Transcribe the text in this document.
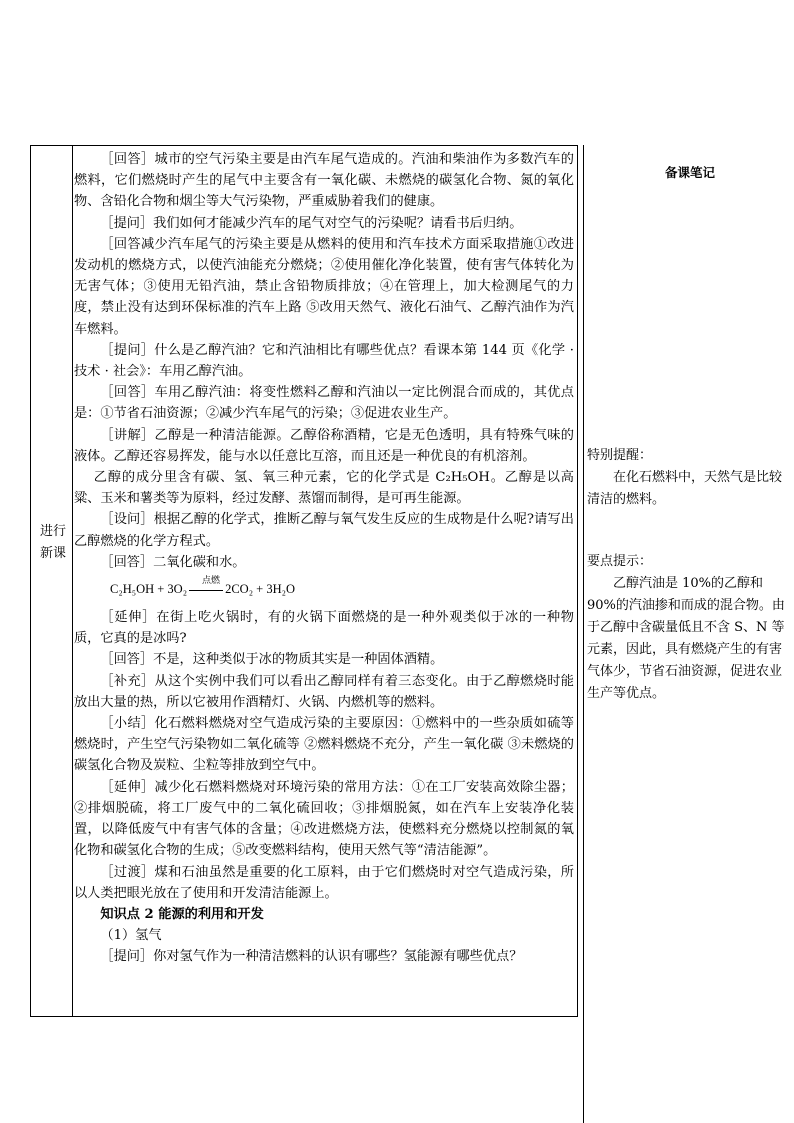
进行新课

［回答］城市的空气污染主要是由汽车尾气造成的。汽油和柴油作为多数汽车的燃料，它们燃烧时产生的尾气中主要含有一氧化碳、未燃烧的碳氢化合物、氮的氧化物、含铅化合物和烟尘等大气污染物，严重威胁着我们的健康。

［提问］我们如何才能减少汽车的尾气对空气的污染呢？请看书后归纳。

［回答减少汽车尾气的污染主要是从燃料的使用和汽车技术方面采取措施①改进发动机的燃烧方式，以使汽油能充分燃烧；②使用催化净化装置，使有害气体转化为无害气体；③使用无铅汽油，禁止含铅物质排放；④在管理上，加大检测尾气的力度，禁止没有达到环保标准的汽车上路 ⑤改用天然气、液化石油气、乙醇汽油作为汽车燃料。

［提问］什么是乙醇汽油？它和汽油相比有哪些优点？看课本第 144 页《化学 · 技术 · 社会》：车用乙醇汽油。

［回答］车用乙醇汽油：将变性燃料乙醇和汽油以一定比例混合而成的，其优点是：①节省石油资源；②减少汽车尾气的污染；③促进农业生产。

［讲解］乙醇是一种清洁能源。乙醇俗称酒精，它是无色透明，具有特殊气味的液体。乙醇还容易挥发，能与水以任意比互溶，而且还是一种优良的有机溶剂。

乙醇的成分里含有碳、氢、氧三种元素，它的化学式是 C₂H₅OH。乙醇是以高粱、玉米和薯类等为原料，经过发酵、蒸馏而制得，是可再生能源。

［设问］根据乙醇的化学式，推断乙醇与氧气发生反应的生成物是什么呢?请写出乙醇燃烧的化学方程式。

［回答］二氧化碳和水。

C₂H₅OH + 3O₂	2CO₂ + 3H₂O
点燃

［延伸］在街上吃火锅时，有的火锅下面燃烧的是一种外观类似于冰的一种物质，它真的是冰吗?

［回答］不是，这种类似于冰的物质其实是一种固体酒精。

［补充］从这个实例中我们可以看出乙醇同样有着三态变化。由于乙醇燃烧时能放出大量的热，所以它被用作酒精灯、火锅、内燃机等的燃料。

［小结］化石燃料燃烧对空气造成污染的主要原因：①燃料中的一些杂质如硫等燃烧时，产生空气污染物如二氧化硫等 ②燃料燃烧不充分，产生一氧化碳 ③未燃烧的碳氢化合物及炭粒、尘粒等排放到空气中。

［延伸］减少化石燃料燃烧对环境污染的常用方法：①在工厂安装高效除尘器；②排烟脱硫，将工厂废气中的二氧化硫回收；③排烟脱氮，如在汽车上安装净化装置，以降低废气中有害气体的含量；④改进燃烧方法，使燃料充分燃烧以控制氮的氧化物和碳氢化合物的生成；⑤改变燃料结构，使用天然气等“清洁能源”。

［过渡］煤和石油虽然是重要的化工原料，由于它们燃烧时对空气造成污染，所以人类把眼光放在了使用和开发清洁能源上。

知识点 2 能源的利用和开发

（1）氢气

［提问］你对氢气作为一种清洁燃料的认识有哪些？氢能源有哪些优点？

备课笔记

特别提醒：

在化石燃料中，天然气是比较清洁的燃料。

要点提示：

乙醇汽油是 10%的乙醇和 90%的汽油掺和而成的混合物。由于乙醇中含碳量低且不含 S、N 等元素，因此，具有燃烧产生的有害气体少，节省石油资源，促进农业生产等优点。
